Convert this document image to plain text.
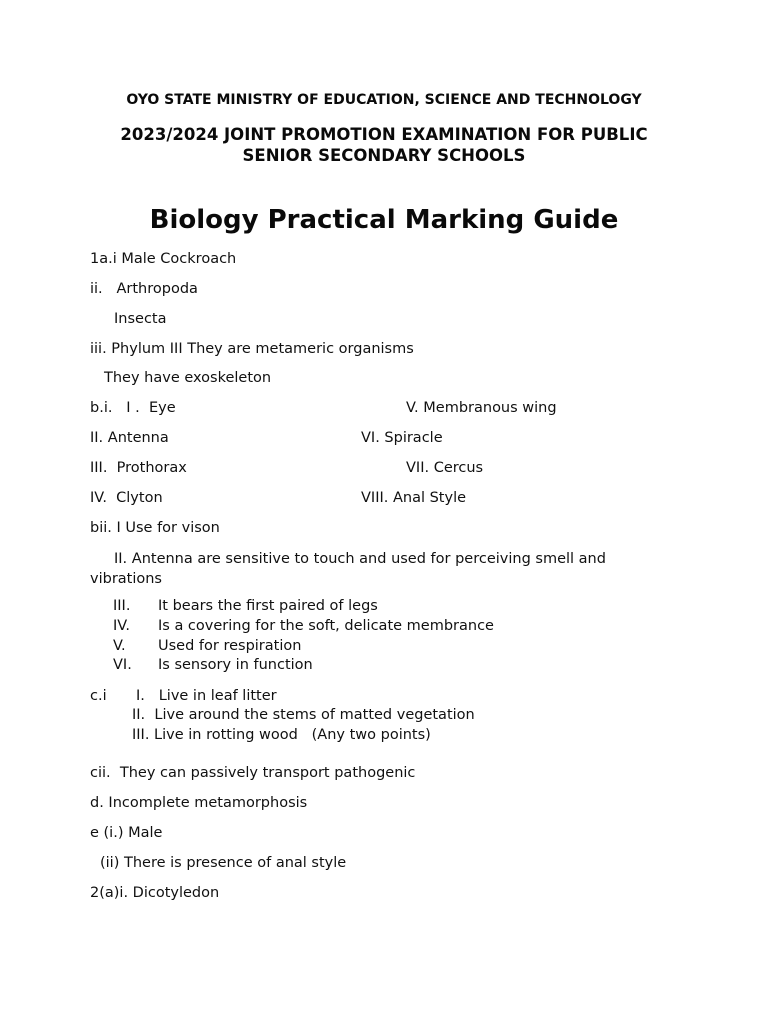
OYO STATE MINISTRY OF EDUCATION, SCIENCE AND TECHNOLOGY
2023/2024 JOINT PROMOTION EXAMINATION FOR PUBLIC
SENIOR SECONDARY SCHOOLS
Biology Practical Marking Guide
1a.i Male Cockroach
ii.   Arthropoda
Insecta
iii. Phylum III They are metameric organisms
They have exoskeleton
b.i.   I .  Eye	V. Membranous wing
II. Antenna	VI. Spiracle
III.  Prothorax	VII. Cercus
IV.  Clyton	VIII. Anal Style
bii. I Use for vison
II. Antenna are sensitive to touch and used for perceiving smell and vibrations
III. It bears the first paired of legs
IV. Is a covering for the soft, delicate membrance
V. Used for respiration
VI. Is sensory in function
c.i I.   Live in leaf litter
II.  Live around the stems of matted vegetation
III. Live in rotting wood   (Any two points)
cii.  They can passively transport pathogenic
d. Incomplete metamorphosis
e (i.) Male
(ii) There is presence of anal style
2(a)i. Dicotyledon
